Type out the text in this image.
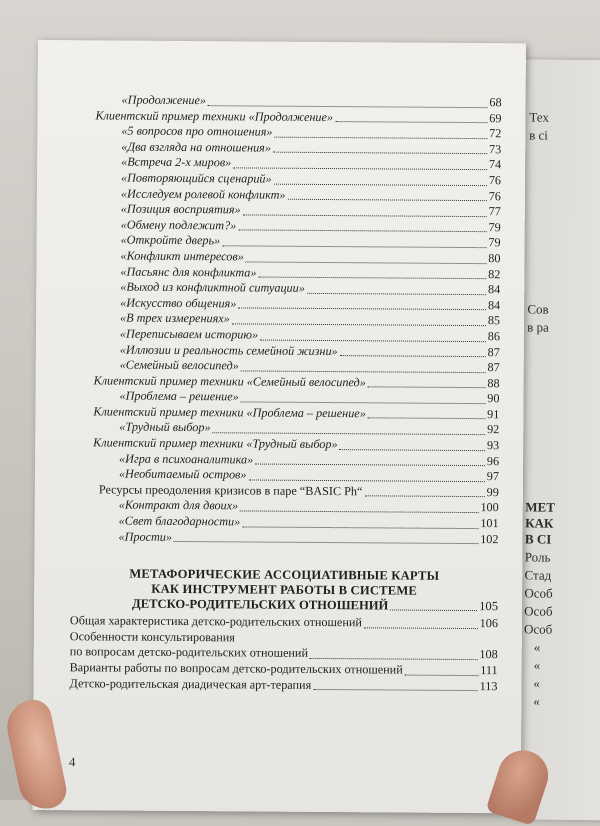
Тех
в сі
Сов
в ра
МЕТ
КАК
В СІ
Роль
Стад
Особ
Особ
Особ
«
«
«
«
«Продолжение»	68
Клиентский пример техники «Продолжение»	69
«5 вопросов про отношения»	72
«Два взгляда на отношения»	73
«Встреча 2-х миров»	74
«Повторяющийся сценарий»	76
«Исследуем ролевой конфликт»	76
«Позиция восприятия»	77
«Обмену подлежит?»	79
«Откройте дверь»	79
«Конфликт интересов»	80
«Пасьянс для конфликта»	82
«Выход из конфликтной ситуации»	84
«Искусство общения»	84
«В трех измерениях»	85
«Переписываем историю»	86
«Иллюзии и реальность семейной жизни»	87
«Семейный велосипед»	87
Клиентский пример техники «Семейный велосипед»	88
«Проблема – решение»	90
Клиентский пример техники «Проблема – решение»	91
«Трудный выбор»	92
Клиентский пример техники «Трудный выбор»	93
«Игра в психоаналитика»	96
«Необитаемый остров»	97
Ресурсы преодоления кризисов в паре “BASIC Ph“	99
«Контракт для двоих»	100
«Свет благодарности»	101
«Прости»	102
МЕТАФОРИЧЕСКИЕ АССОЦИАТИВНЫЕ КАРТЫ
КАК ИНСТРУМЕНТ РАБОТЫ В СИСТЕМЕ
ДЕТСКО-РОДИТЕЛЬСКИХ ОТНОШЕНИЙ	105
Общая характеристика детско-родительских отношений	106
Особенности консультирования
по вопросам детско-родительских отношений	108
Варианты работы по вопросам детско-родительских отношений	111
Детско-родительская диадическая арт-терапия	113
4
